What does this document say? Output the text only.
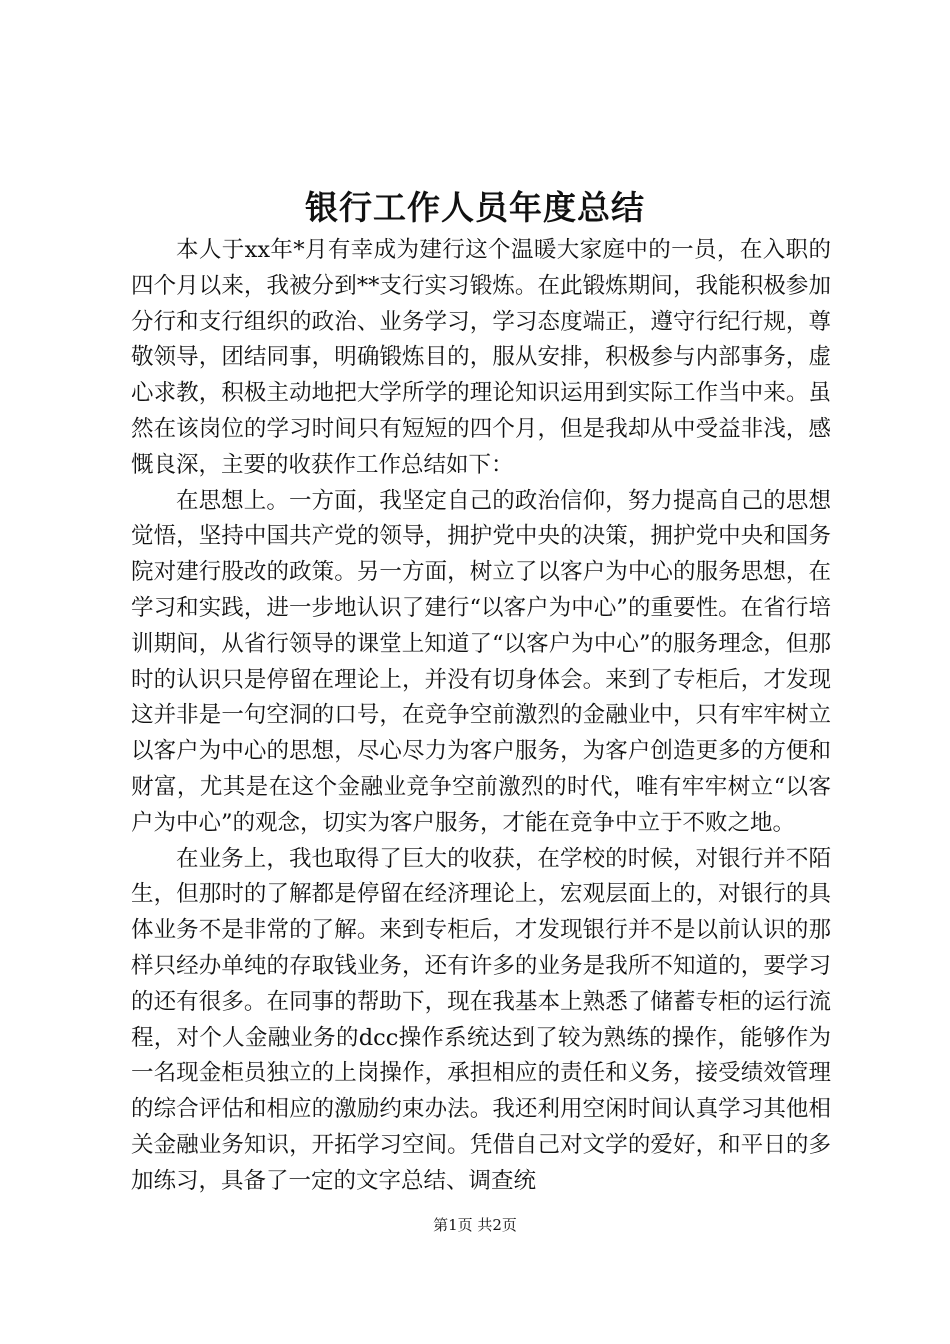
银行工作人员年度总结

本人于xx年*月有幸成为建行这个温暖大家庭中的一员，在入职的四个月以来，我被分到**支行实习锻炼。在此锻炼期间，我能积极参加分行和支行组织的政治、业务学习，学习态度端正，遵守行纪行规，尊敬领导，团结同事，明确锻炼目的，服从安排，积极参与内部事务，虚心求教，积极主动地把大学所学的理论知识运用到实际工作当中来。虽然在该岗位的学习时间只有短短的四个月，但是我却从中受益非浅，感慨良深，主要的收获作工作总结如下：

在思想上。一方面，我坚定自己的政治信仰，努力提高自己的思想觉悟，坚持中国共产党的领导，拥护党中央的决策，拥护党中央和国务院对建行股改的政策。另一方面，树立了以客户为中心的服务思想，在学习和实践，进一步地认识了建行“以客户为中心”的重要性。在省行培训期间，从省行领导的课堂上知道了“以客户为中心”的服务理念，但那时的认识只是停留在理论上，并没有切身体会。来到了专柜后，才发现这并非是一句空洞的口号，在竞争空前激烈的金融业中，只有牢牢树立以客户为中心的思想，尽心尽力为客户服务，为客户创造更多的方便和财富，尤其是在这个金融业竞争空前激烈的时代，唯有牢牢树立“以客户为中心”的观念，切实为客户服务，才能在竞争中立于不败之地。

在业务上，我也取得了巨大的收获，在学校的时候，对银行并不陌生，但那时的了解都是停留在经济理论上，宏观层面上的，对银行的具体业务不是非常的了解。来到专柜后，才发现银行并不是以前认识的那样只经办单纯的存取钱业务，还有许多的业务是我所不知道的，要学习的还有很多。在同事的帮助下，现在我基本上熟悉了储蓄专柜的运行流程，对个人金融业务的dcc操作系统达到了较为熟练的操作，能够作为一名现金柜员独立的上岗操作，承担相应的责任和义务，接受绩效管理的综合评估和相应的激励约束办法。我还利用空闲时间认真学习其他相关金融业务知识，开拓学习空间。凭借自己对文学的爱好，和平日的多加练习，具备了一定的文字总结、调查统

第1页 共2页
